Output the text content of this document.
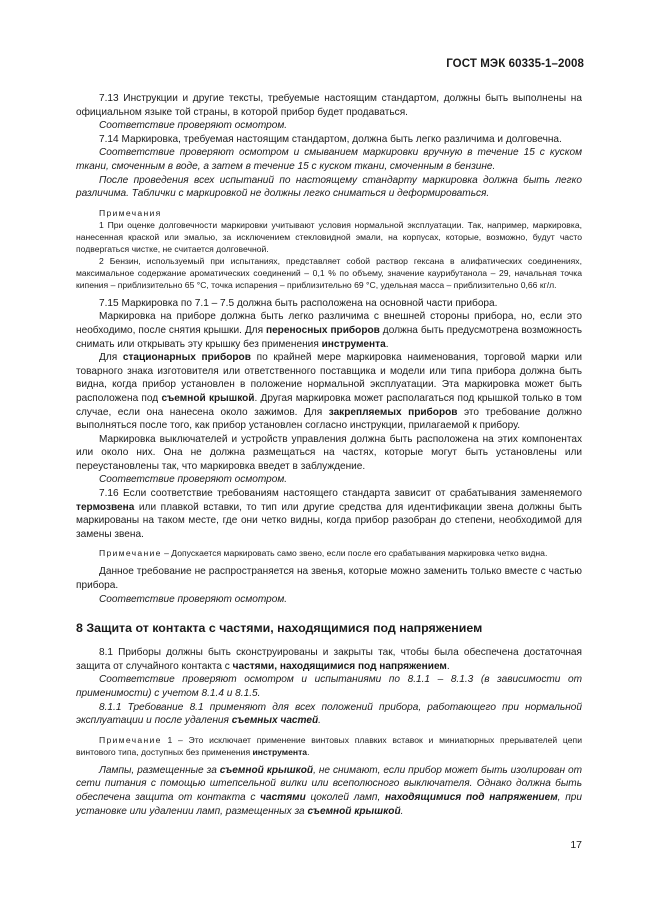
ГОСТ МЭК 60335-1–2008

7.13 Инструкции и другие тексты, требуемые настоящим стандартом, должны быть выполнены на официальном языке той страны, в которой прибор будет продаваться.

Соответствие проверяют осмотром.

7.14 Маркировка, требуемая настоящим стандартом, должна быть легко различима и долговечна.

Соответствие проверяют осмотром и смыванием маркировки вручную в течение 15 с куском ткани, смоченным в воде, а затем в течение 15 с куском ткани, смоченным в бензине.

После проведения всех испытаний по настоящему стандарту маркировка должна быть легко различима. Таблички с маркировкой не должны легко сниматься и деформироваться.

Примечания

1 При оценке долговечности маркировки учитывают условия нормальной эксплуатации. Так, например, маркировка, нанесенная краской или эмалью, за исключением стекловидной эмали, на корпусах, которые, возможно, будут часто подвергаться чистке, не считается долговечной.

2 Бензин, используемый при испытаниях, представляет собой раствор гексана в алифатических соединениях, максимальное содержание ароматических соединений – 0,1 % по объему, значение каурибутанола – 29, начальная точка кипения – приблизительно 65 °С, точка испарения – приблизительно 69 °С, удельная масса – приблизительно 0,66 кг/л.

7.15 Маркировка по 7.1 – 7.5 должна быть расположена на основной части прибора.

Маркировка на приборе должна быть легко различима с внешней стороны прибора, но, если это необходимо, после снятия крышки. Для переносных приборов должна быть предусмотрена возможность снимать или открывать эту крышку без применения инструмента.

Для стационарных приборов по крайней мере маркировка наименования, торговой марки или товарного знака изготовителя или ответственного поставщика и модели или типа прибора должна быть видна, когда прибор установлен в положение нормальной эксплуатации. Эта маркировка может быть расположена под съемной крышкой. Другая маркировка может располагаться под крышкой только в том случае, если она нанесена около зажимов. Для закрепляемых приборов это требование должно выполняться после того, как прибор установлен согласно инструкции, прилагаемой к прибору.

Маркировка выключателей и устройств управления должна быть расположена на этих компонентах или около них. Она не должна размещаться на частях, которые могут быть установлены или переустановлены так, что маркировка введет в заблуждение.

Соответствие проверяют осмотром.

7.16 Если соответствие требованиям настоящего стандарта зависит от срабатывания заменяемого термозвена или плавкой вставки, то тип или другие средства для идентификации звена должны быть маркированы на таком месте, где они четко видны, когда прибор разобран до степени, необходимой для замены звена.

Примечание – Допускается маркировать само звено, если после его срабатывания маркировка четко видна.

Данное требование не распространяется на звенья, которые можно заменить только вместе с частью прибора.

Соответствие проверяют осмотром.

8 Защита от контакта с частями, находящимися под напряжением

8.1 Приборы должны быть сконструированы и закрыты так, чтобы была обеспечена достаточная защита от случайного контакта с частями, находящимися под напряжением.

Соответствие проверяют осмотром и испытаниями по 8.1.1 – 8.1.3 (в зависимости от применимости) с учетом 8.1.4 и 8.1.5.

8.1.1 Требование 8.1 применяют для всех положений прибора, работающего при нормальной эксплуатации и после удаления съемных частей.

Примечание 1 – Это исключает применение винтовых плавких вставок и миниатюрных прерывателей цепи винтового типа, доступных без применения инструмента.

Лампы, размещенные за съемной крышкой, не снимают, если прибор может быть изолирован от сети питания с помощью штепсельной вилки или всеполюсного выключателя. Однако должна быть обеспечена защита от контакта с частями цоколей ламп, находящимися под напряжением, при установке или удалении ламп, размещенных за съемной крышкой.

17
